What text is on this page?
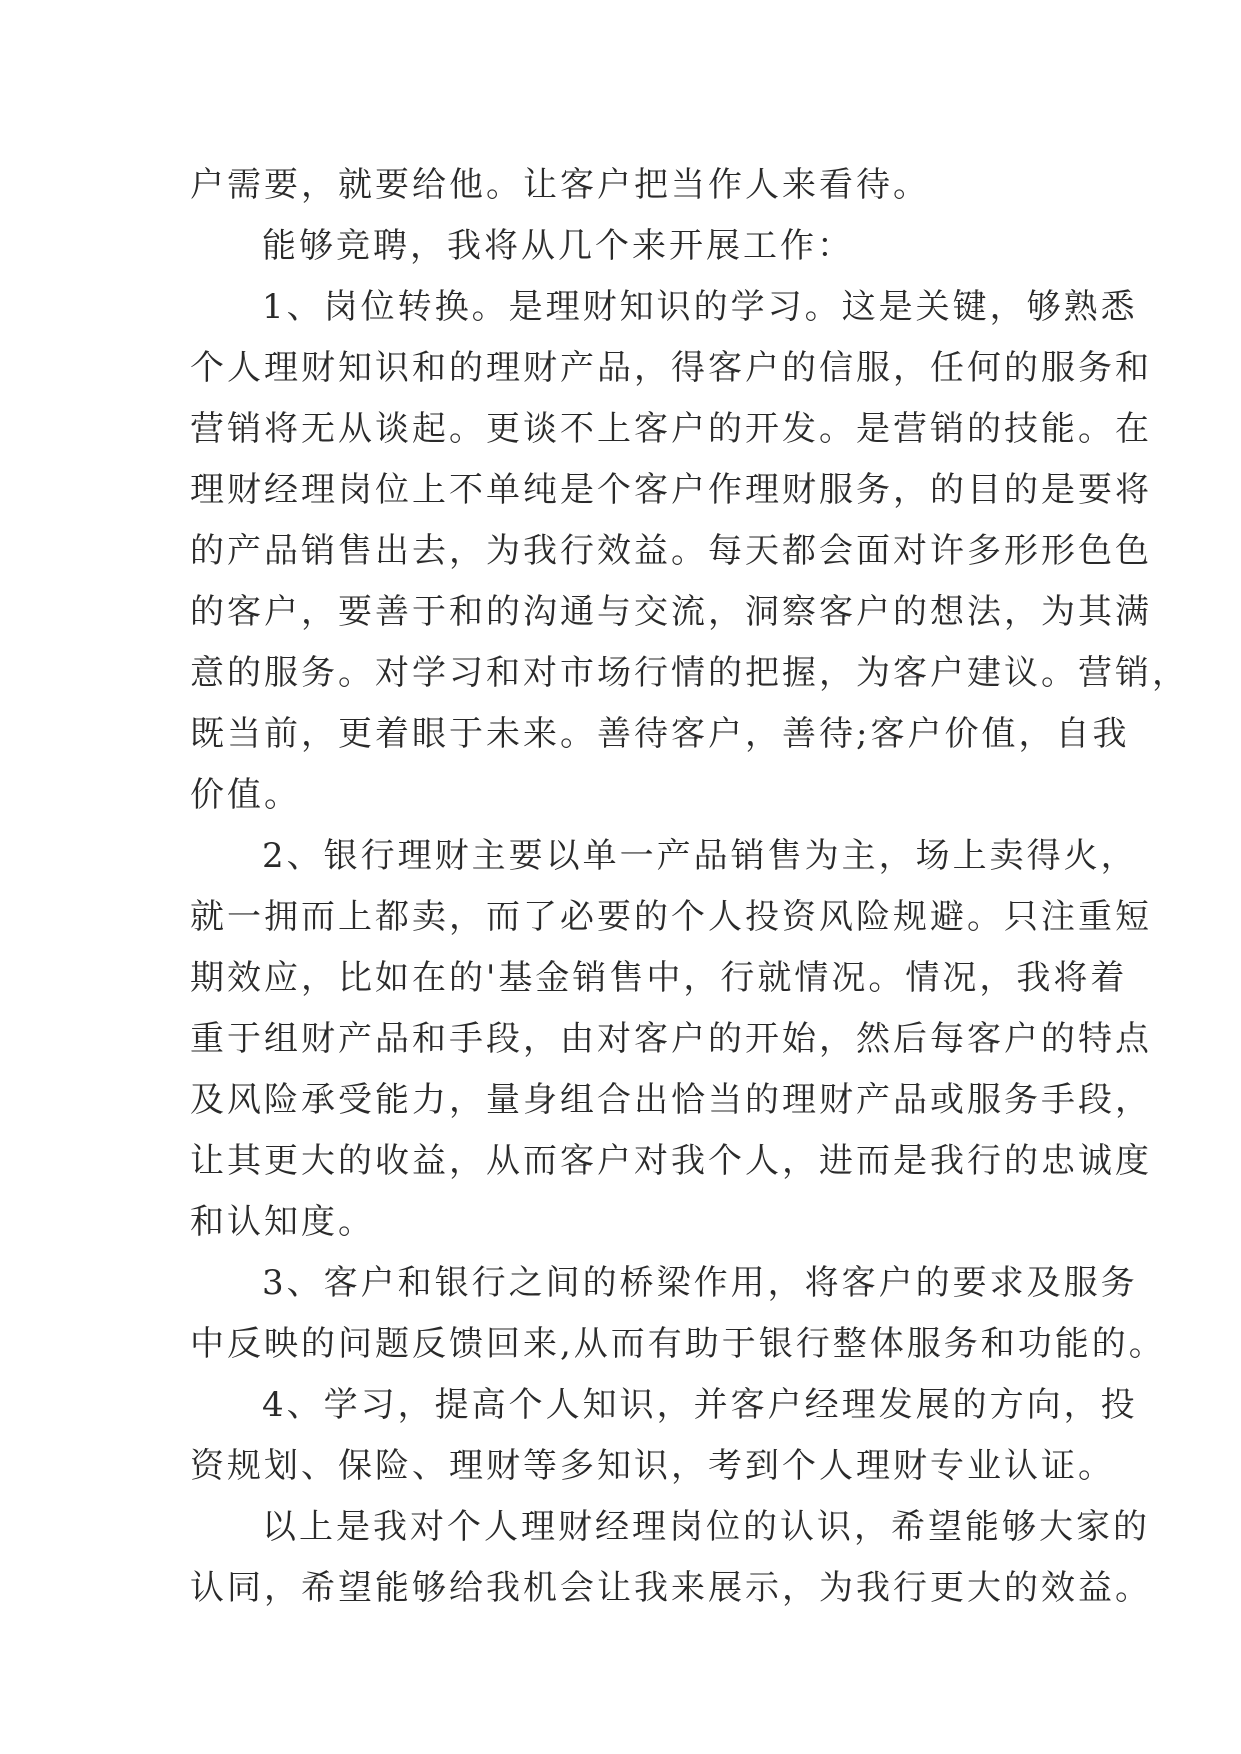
户需要，就要给他。让客户把当作人来看待。
能够竞聘，我将从几个来开展工作：
1、岗位转换。是理财知识的学习。这是关键，够熟悉
个人理财知识和的理财产品，得客户的信服，任何的服务和
营销将无从谈起。更谈不上客户的开发。是营销的技能。在
理财经理岗位上不单纯是个客户作理财服务，的目的是要将
的产品销售出去，为我行效益。每天都会面对许多形形色色
的客户，要善于和的沟通与交流，洞察客户的想法，为其满
意的服务。对学习和对市场行情的把握，为客户建议。营销，
既当前，更着眼于未来。善待客户，善待;客户价值，自我
价值。
2、银行理财主要以单一产品销售为主，场上卖得火，
就一拥而上都卖，而了必要的个人投资风险规避。只注重短
期效应，比如在的'基金销售中，行就情况。情况，我将着
重于组财产品和手段，由对客户的开始，然后每客户的特点
及风险承受能力，量身组合出恰当的理财产品或服务手段，
让其更大的收益，从而客户对我个人，进而是我行的忠诚度
和认知度。
3、客户和银行之间的桥梁作用，将客户的要求及服务
中反映的问题反馈回来,从而有助于银行整体服务和功能的。
4、学习，提高个人知识，并客户经理发展的方向，投
资规划、保险、理财等多知识，考到个人理财专业认证。
以上是我对个人理财经理岗位的认识，希望能够大家的
认同，希望能够给我机会让我来展示，为我行更大的效益。
